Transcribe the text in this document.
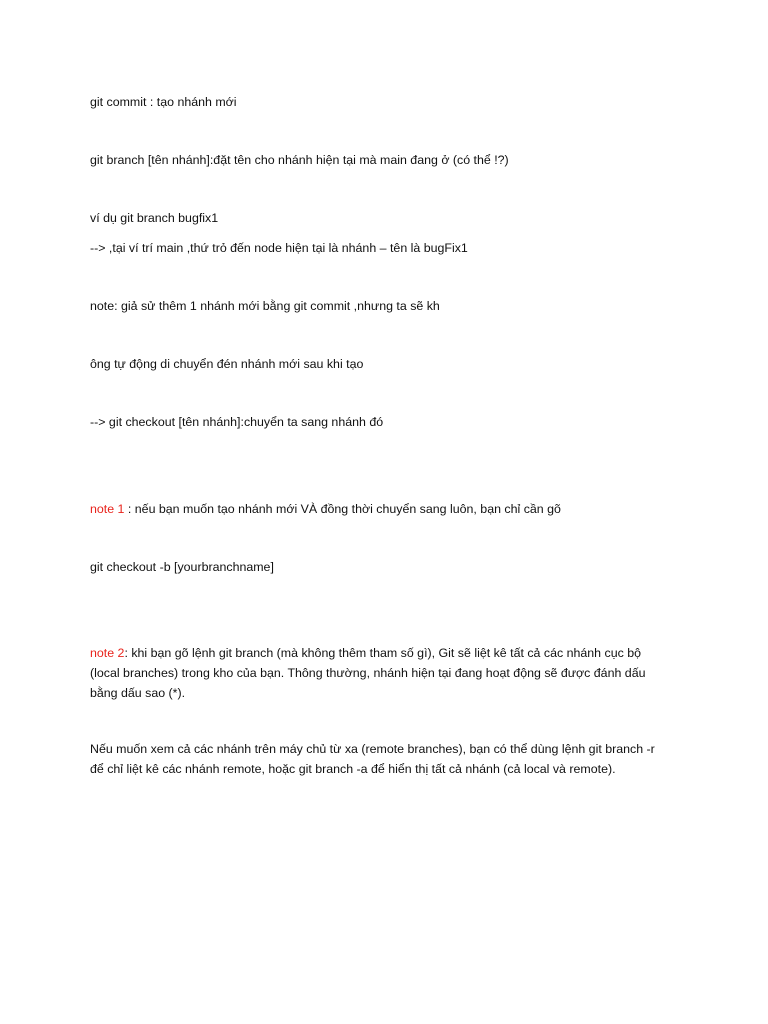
git commit : tạo nhánh mới
git branch [tên nhánh]:đặt tên cho nhánh hiện tại mà main đang ở (có thể !?)
ví dụ git branch bugfix1
--> ,tại ví trí main ,thứ trỏ đến node hiện tại là nhánh – tên là bugFix1
note: giả sử thêm 1 nhánh mới bằng git commit ,nhưng ta sẽ kh
ông tự động di chuyển đén nhánh mới sau khi tạo
--> git checkout [tên nhánh]:chuyển ta sang nhánh đó
note 1 : nếu bạn muốn tạo nhánh mới VÀ đồng thời chuyển sang luôn, bạn chỉ cần gõ
git checkout -b [yourbranchname]
note 2: khi bạn gõ lệnh git branch (mà không thêm tham số gì), Git sẽ liệt kê tất cả các nhánh cục bộ
(local branches) trong kho của bạn. Thông thường, nhánh hiện tại đang hoạt động sẽ được đánh dấu
bằng dấu sao (*).
Nếu muốn xem cả các nhánh trên máy chủ từ xa (remote branches), bạn có thể dùng lệnh git branch -r
để chỉ liệt kê các nhánh remote, hoặc git branch -a để hiển thị tất cả nhánh (cả local và remote).
